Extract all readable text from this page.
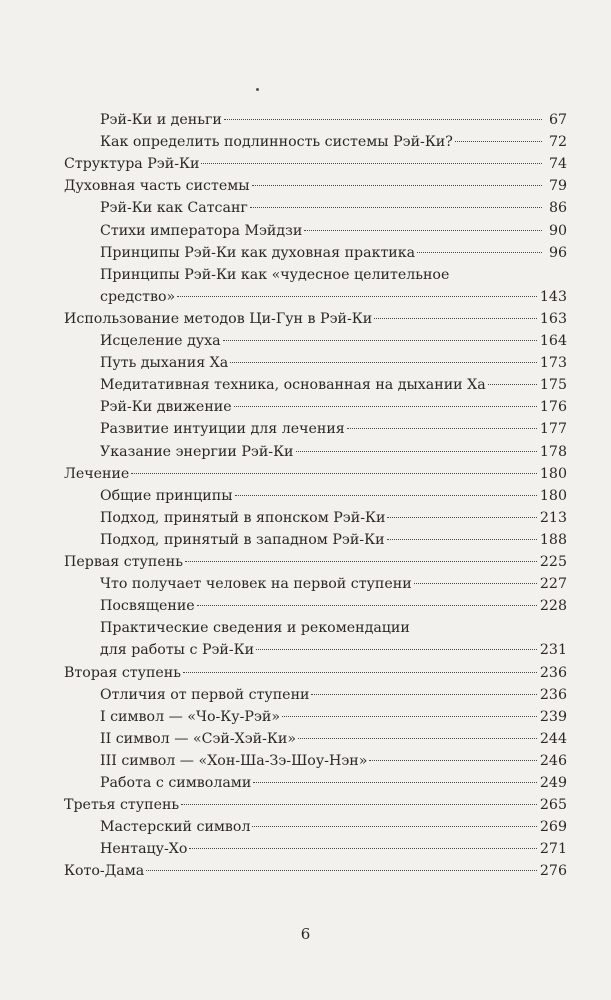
6
Рэй-Ки и деньги	67
Как определить подлинность системы Рэй-Ки?	72
Структура Рэй-Ки	74
Духовная часть системы	79
Рэй-Ки как Сатсанг	86
Стихи императора Мэйдзи	90
Принципы Рэй-Ки как духовная практика	96
Принципы Рэй-Ки как «чудесное целительное
средство»	143
Использование методов Ци-Гун в Рэй-Ки	163
Исцеление духа	164
Путь дыхания Ха	173
Медитативная техника, основанная на дыхании Ха	175
Рэй-Ки движение	176
Развитие интуиции для лечения	177
Указание энергии Рэй-Ки	178
Лечение	180
Общие принципы	180
Подход, принятый в японском Рэй-Ки	213
Подход, принятый в западном Рэй-Ки	188
Первая ступень	225
Что получает человек на первой ступени	227
Посвящение	228
Практические сведения и рекомендации
для работы с Рэй-Ки	231
Вторая ступень	236
Отличия от первой ступени	236
I символ — «Чо-Ку-Рэй»	239
II символ — «Сэй-Хэй-Ки»	244
III символ — «Хон-Ша-Зэ-Шоу-Нэн»	246
Работа с символами	249
Третья ступень	265
Мастерский символ	269
Нентацу-Хо	271
Кото-Дама	276
